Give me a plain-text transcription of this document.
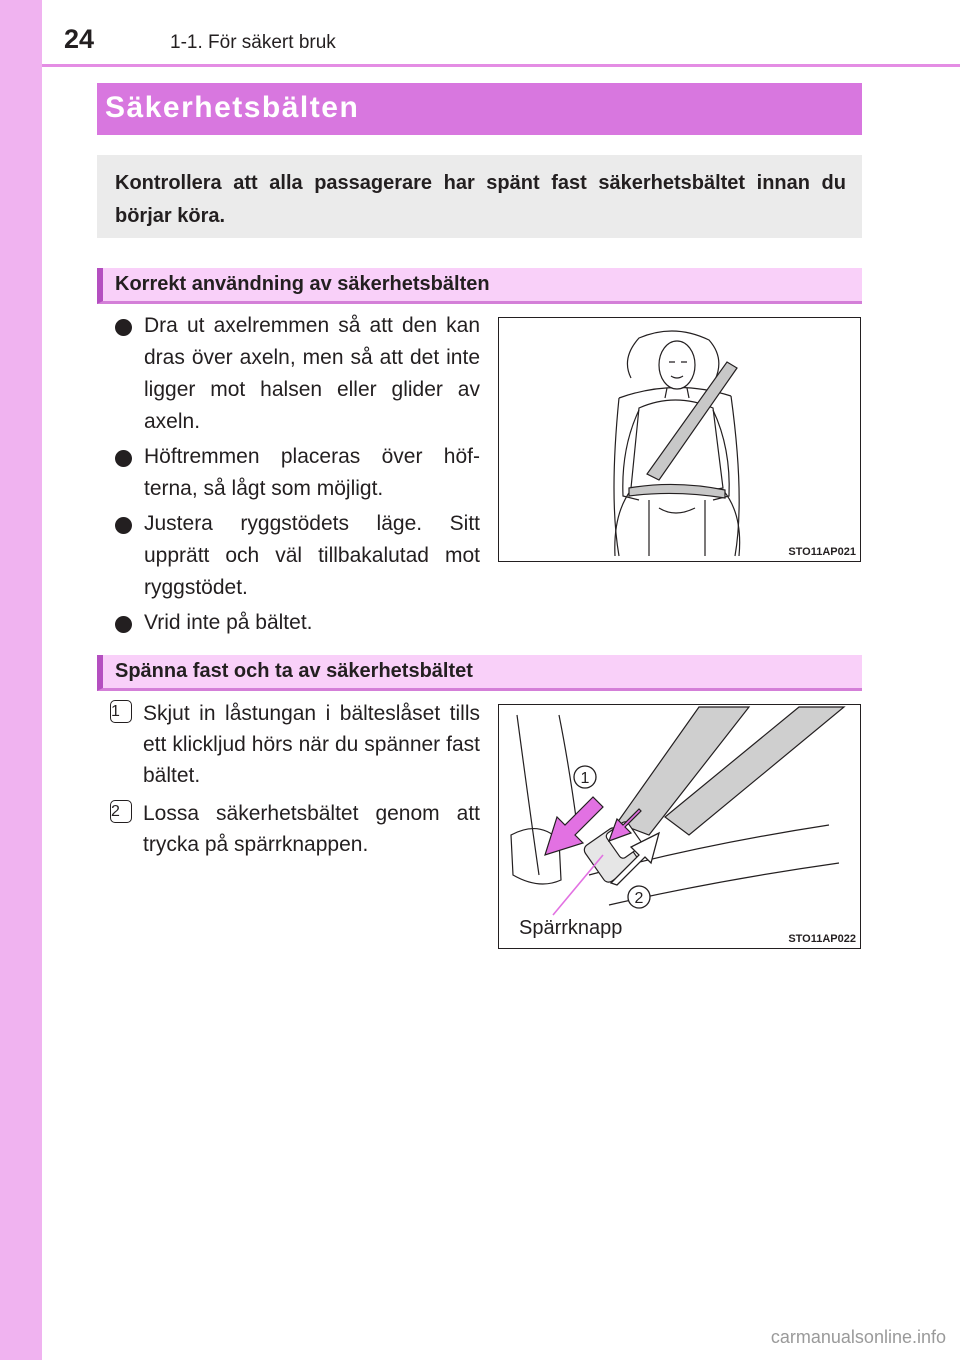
24	1-1. För säkert bruk
Säkerhetsbälten
Kontrollera att alla passagerare har spänt fast säkerhetsbältet innan du börjar köra.
Korrekt användning av säkerhetsbälten
Dra ut axelremmen så att den kan dras över axeln, men så att det inte ligger mot halsen eller glider av axeln.
Höftremmen placeras över höf-terna, så lågt som möjligt.
Justera ryggstödets läge. Sitt upprätt och väl tillbakalutad mot ryggstödet.
Vrid inte på bältet.
STO11AP021
Spänna fast och ta av säkerhetsbältet
1	Skjut in låstungan i bälteslåset tills ett klickljud hörs när du spänner fast bältet.
2	Lossa säkerhetsbältet genom att trycka på spärrknappen.
1
2
Spärrknapp	STO11AP022
carmanualsonline.info
